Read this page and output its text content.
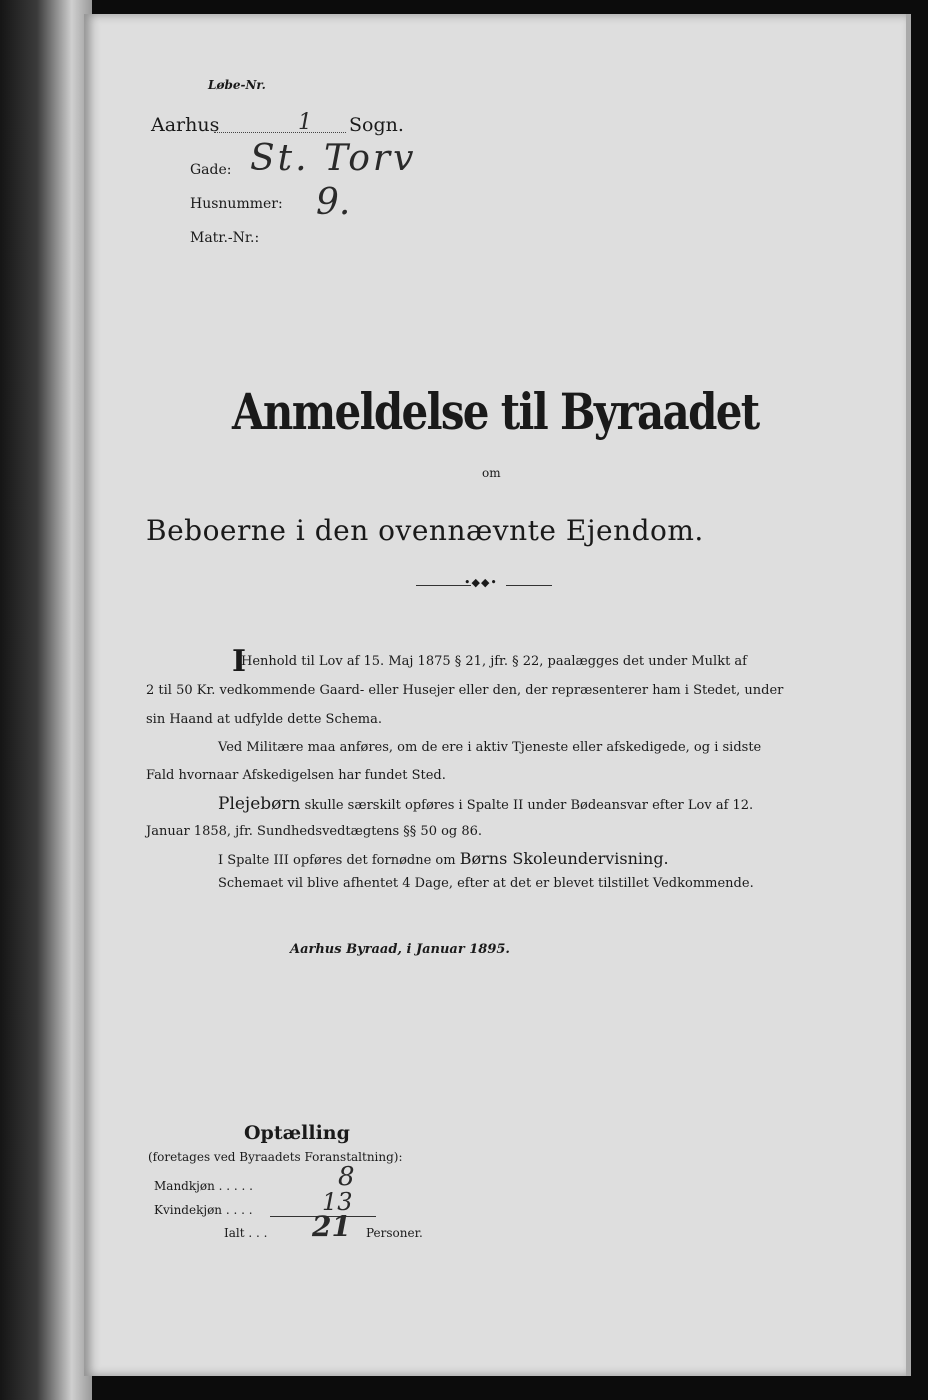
Løbe-Nr.
Aarhus	1 Sogn.
Gade: St. Torv
Husnummer: 9.
Matr.-Nr.:
Anmeldelse til Byraadet
om
Beboerne i den ovennævnte Ejendom.
•◆◆•
I
Henhold til Lov af 15. Maj 1875 § 21, jfr. § 22, paalægges det under Mulkt af
2 til 50 Kr. vedkommende Gaard- eller Husejer eller den, der repræsenterer ham i Stedet, under
sin Haand at udfylde dette Schema.
Ved Militære maa anføres, om de ere i aktiv Tjeneste eller afskedigede, og i sidste
Fald hvornaar Afskedigelsen har fundet Sted.
Plejebørn skulle særskilt opføres i Spalte II under Bødeansvar efter Lov af 12.
Januar 1858, jfr. Sundhedsvedtægtens §§ 50 og 86.
I Spalte III opføres det fornødne om Børns Skoleundervisning.
Schemaet vil blive afhentet 4 Dage, efter at det er blevet tilstillet Vedkommende.
Aarhus Byraad, i Januar 1895.
Optælling
(foretages ved Byraadets Foranstaltning):
Mandkjøn . . . . .	8
Kvindekjøn . . . .	13
Ialt . . . 21 Personer.
